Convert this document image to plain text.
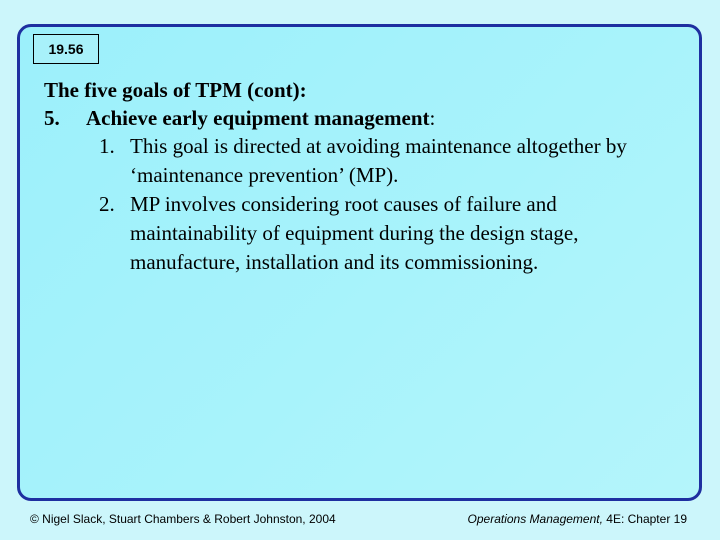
19.56

The five goals of TPM (cont):

5.	Achieve early equipment management:
1. This goal is directed at avoiding maintenance altogether by ‘maintenance prevention’ (MP).
2. MP involves considering root causes of failure and maintainability of equipment during the design stage, manufacture, installation and its commissioning.
© Nigel Slack, Stuart Chambers & Robert Johnston, 2004	Operations Management, 4E: Chapter 19
